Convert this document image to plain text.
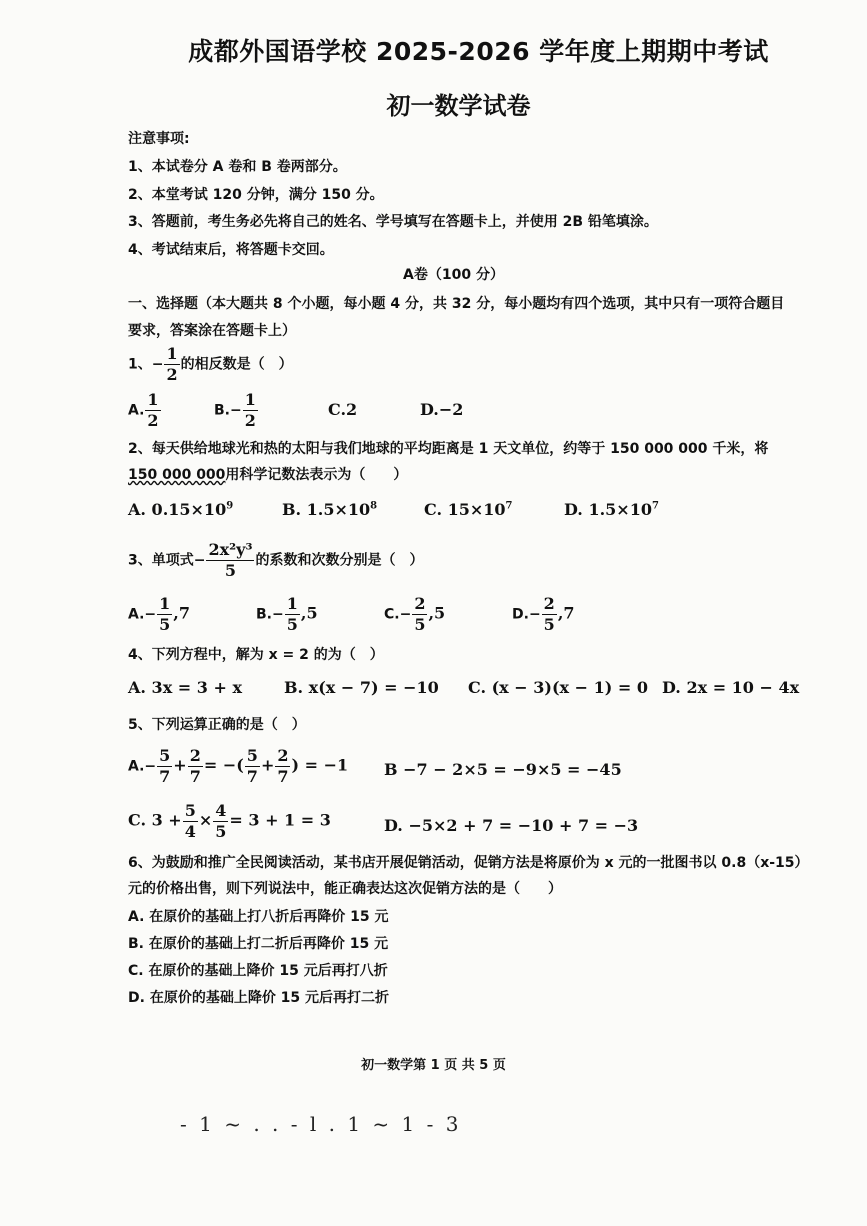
成都外国语学校 2025-2026 学年度上期期中考试
初一数学试卷
注意事项:
1、本试卷分 A 卷和 B 卷两部分。
2、本堂考试 120 分钟，满分 150 分。
3、答题前，考生务必先将自己的姓名、学号填写在答题卡上，并使用 2B 铅笔填涂。
4、考试结束后，将答题卡交回。
A卷（100 分）
一、选择题（本大题共 8 个小题，每小题 4 分，共 32 分，每小题均有四个选项，其中只有一项符合题目
要求，答案涂在答题卡上）
1、− $\frac{1}{2}$ 的相反数是（　）
A. $\frac{1}{2}$	$B.- \frac{1}{2}$	C.2	D.−2
2、每天供给地球光和热的太阳与我们地球的平均距离是 1 天文单位，约等于 150 000 000 千米，将
150 000 000用科学记数法表示为（　　）
A. $0.15\times 10^9$	B. $1.5\times 10^8$	C. $15\times 10^7$	D. $1.5\times 10^7$
3、单项式− $\frac{\text{2x²y³}}{5}$ 的系数和次数分别是（　）
$A.- \frac{1}{5} ,7$	$B.- \frac{1}{5} ,5$	$C.- \frac{2}{5} ,5$	$D.- \frac{2}{5} ,7$
4、下列方程中，解为 x = 2 的为（　）
A. 3x = 3 + x	B. x(x − 7) = −10 C. (x − 3)(x − 1) = 0 D. 2x = 10 − 4x
5、下列运算正确的是（　）
$A.- \frac{5}{7} + \frac{2}{7}$ = −( $\frac{5}{7} + \frac{2}{7}$ ) = −1 B −7 − 2×5 = −9×5 = −45
C. $3 + \frac{5}{4} \times \frac{4}{5} = 3 + 1 = 3$	D. −5×2 + 7 = −10 + 7 = −3
6、为鼓励和推广全民阅读活动，某书店开展促销活动，促销方法是将原价为 x 元的一批图书以 0.8（x-15）
元的价格出售，则下列说法中，能正确表达这次促销方法的是（　　）
A. 在原价的基础上打八折后再降价 15 元
B. 在原价的基础上打二折后再降价 15 元
C. 在原价的基础上降价 15 元后再打八折
D. 在原价的基础上降价 15 元后再打二折
初一数学第 1 页 共 5 页
- 1 ~ . . - l . 1 ~ 1 - 3
